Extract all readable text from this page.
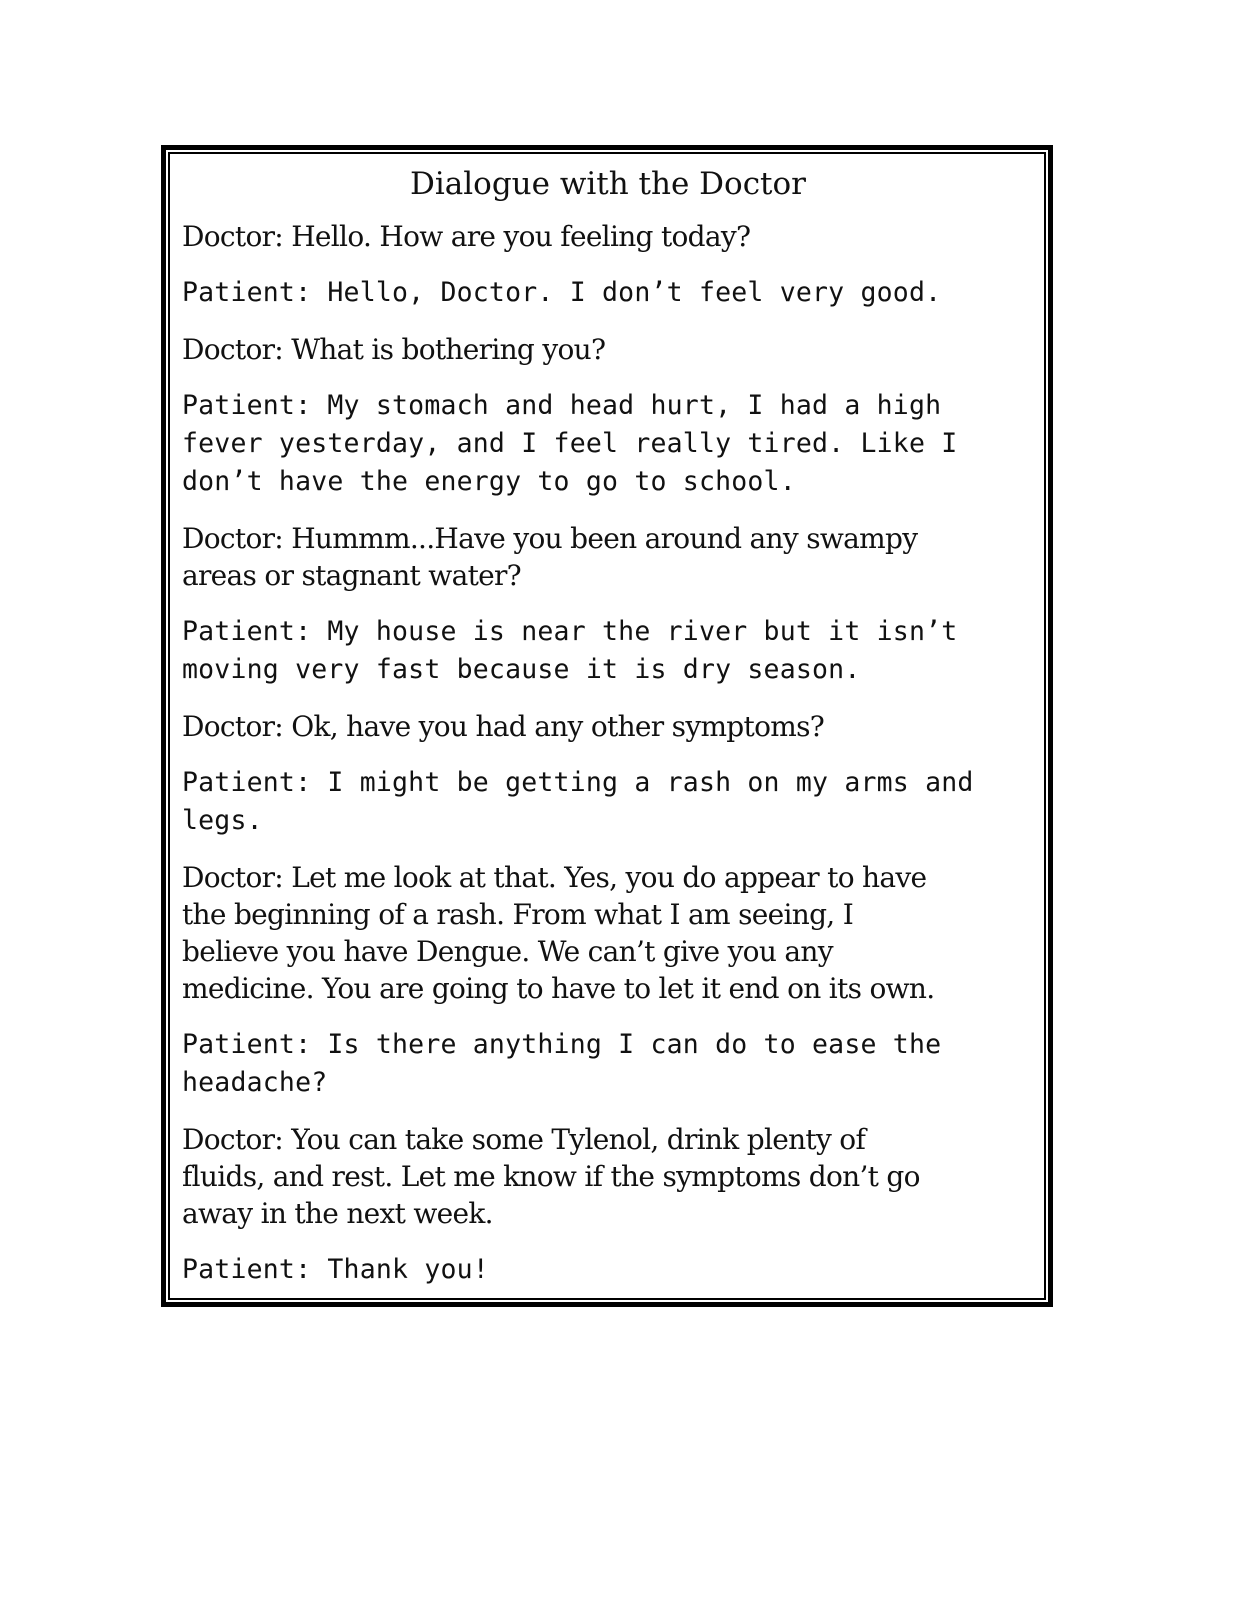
Dialogue with the Doctor
Doctor: Hello. How are you feeling today?
Patient: Hello, Doctor. I don’t feel very good.
Doctor: What is bothering you?
Patient: My stomach and head hurt, I had a high
fever yesterday, and I feel really tired. Like I
don’t have the energy to go to school.
Doctor: Hummm...Have you been around any swampy
areas or stagnant water?
Patient: My house is near the river but it isn’t
moving very fast because it is dry season.
Doctor: Ok, have you had any other symptoms?
Patient: I might be getting a rash on my arms and
legs.
Doctor: Let me look at that. Yes, you do appear to have
the beginning of a rash. From what I am seeing, I
believe you have Dengue. We can’t give you any
medicine. You are going to have to let it end on its own.
Patient: Is there anything I can do to ease the
headache?
Doctor: You can take some Tylenol, drink plenty of
fluids, and rest. Let me know if the symptoms don’t go
away in the next week.
Patient: Thank you!
